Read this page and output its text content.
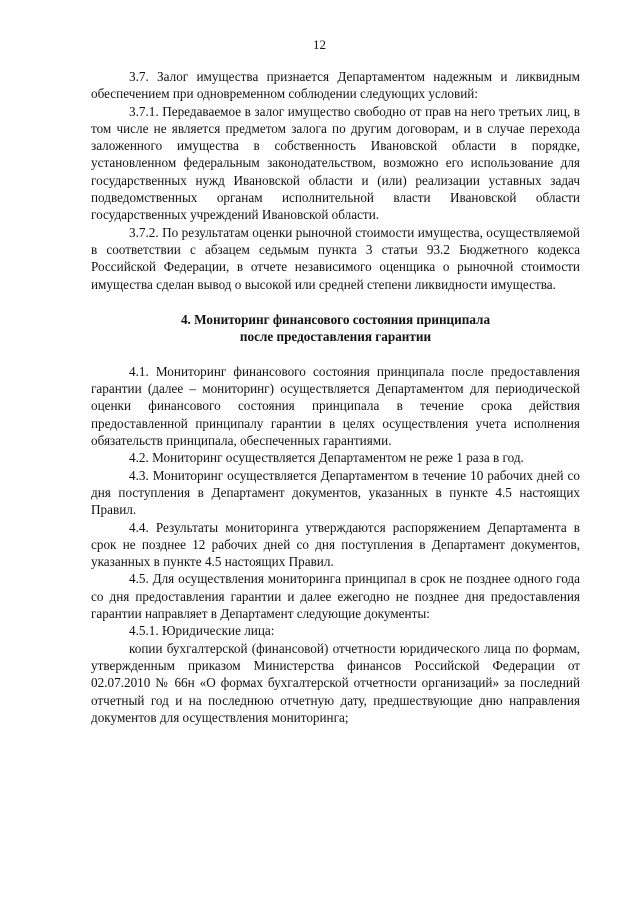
12

3.7. Залог имущества признается Департаментом надежным и ликвидным обеспечением при одновременном соблюдении следующих условий:

3.7.1. Передаваемое в залог имущество свободно от прав на него третьих лиц, в том числе не является предметом залога по другим договорам, и в случае перехода заложенного имущества в собственность Ивановской области в порядке, установленном федеральным законодательством, возможно его использование для государственных нужд Ивановской области и (или) реализации уставных задач подведомственных органам исполнительной власти Ивановской области государственных учреждений Ивановской области.

3.7.2. По результатам оценки рыночной стоимости имущества, осуществляемой в соответствии с абзацем седьмым пункта 3 статьи 93.2 Бюджетного кодекса Российской Федерации, в отчете независимого оценщика о рыночной стоимости имущества сделан вывод о высокой или средней степени ликвидности имущества.

4. Мониторинг финансового состояния принципала
после предоставления гарантии

4.1. Мониторинг финансового состояния принципала после предоставления гарантии (далее – мониторинг) осуществляется Департаментом для периодической оценки финансового состояния принципала в течение срока действия предоставленной принципалу гарантии в целях осуществления учета исполнения обязательств принципала, обеспеченных гарантиями.

4.2. Мониторинг осуществляется Департаментом не реже 1 раза в год.

4.3. Мониторинг осуществляется Департаментом в течение 10 рабочих дней со дня поступления в Департамент документов, указанных в пункте 4.5 настоящих Правил.

4.4. Результаты мониторинга утверждаются распоряжением Департамента в срок не позднее 12 рабочих дней со дня поступления в Департамент документов, указанных в пункте 4.5 настоящих Правил.

4.5. Для осуществления мониторинга принципал в срок не позднее одного года со дня предоставления гарантии и далее ежегодно не позднее дня предоставления гарантии направляет в Департамент следующие документы:

4.5.1. Юридические лица:

копии бухгалтерской (финансовой) отчетности юридического лица по формам, утвержденным приказом Министерства финансов Российской Федерации от 02.07.2010 № 66н «О формах бухгалтерской отчетности организаций» за последний отчетный год и на последнюю отчетную дату, предшествующие дню направления документов для осуществления мониторинга;
